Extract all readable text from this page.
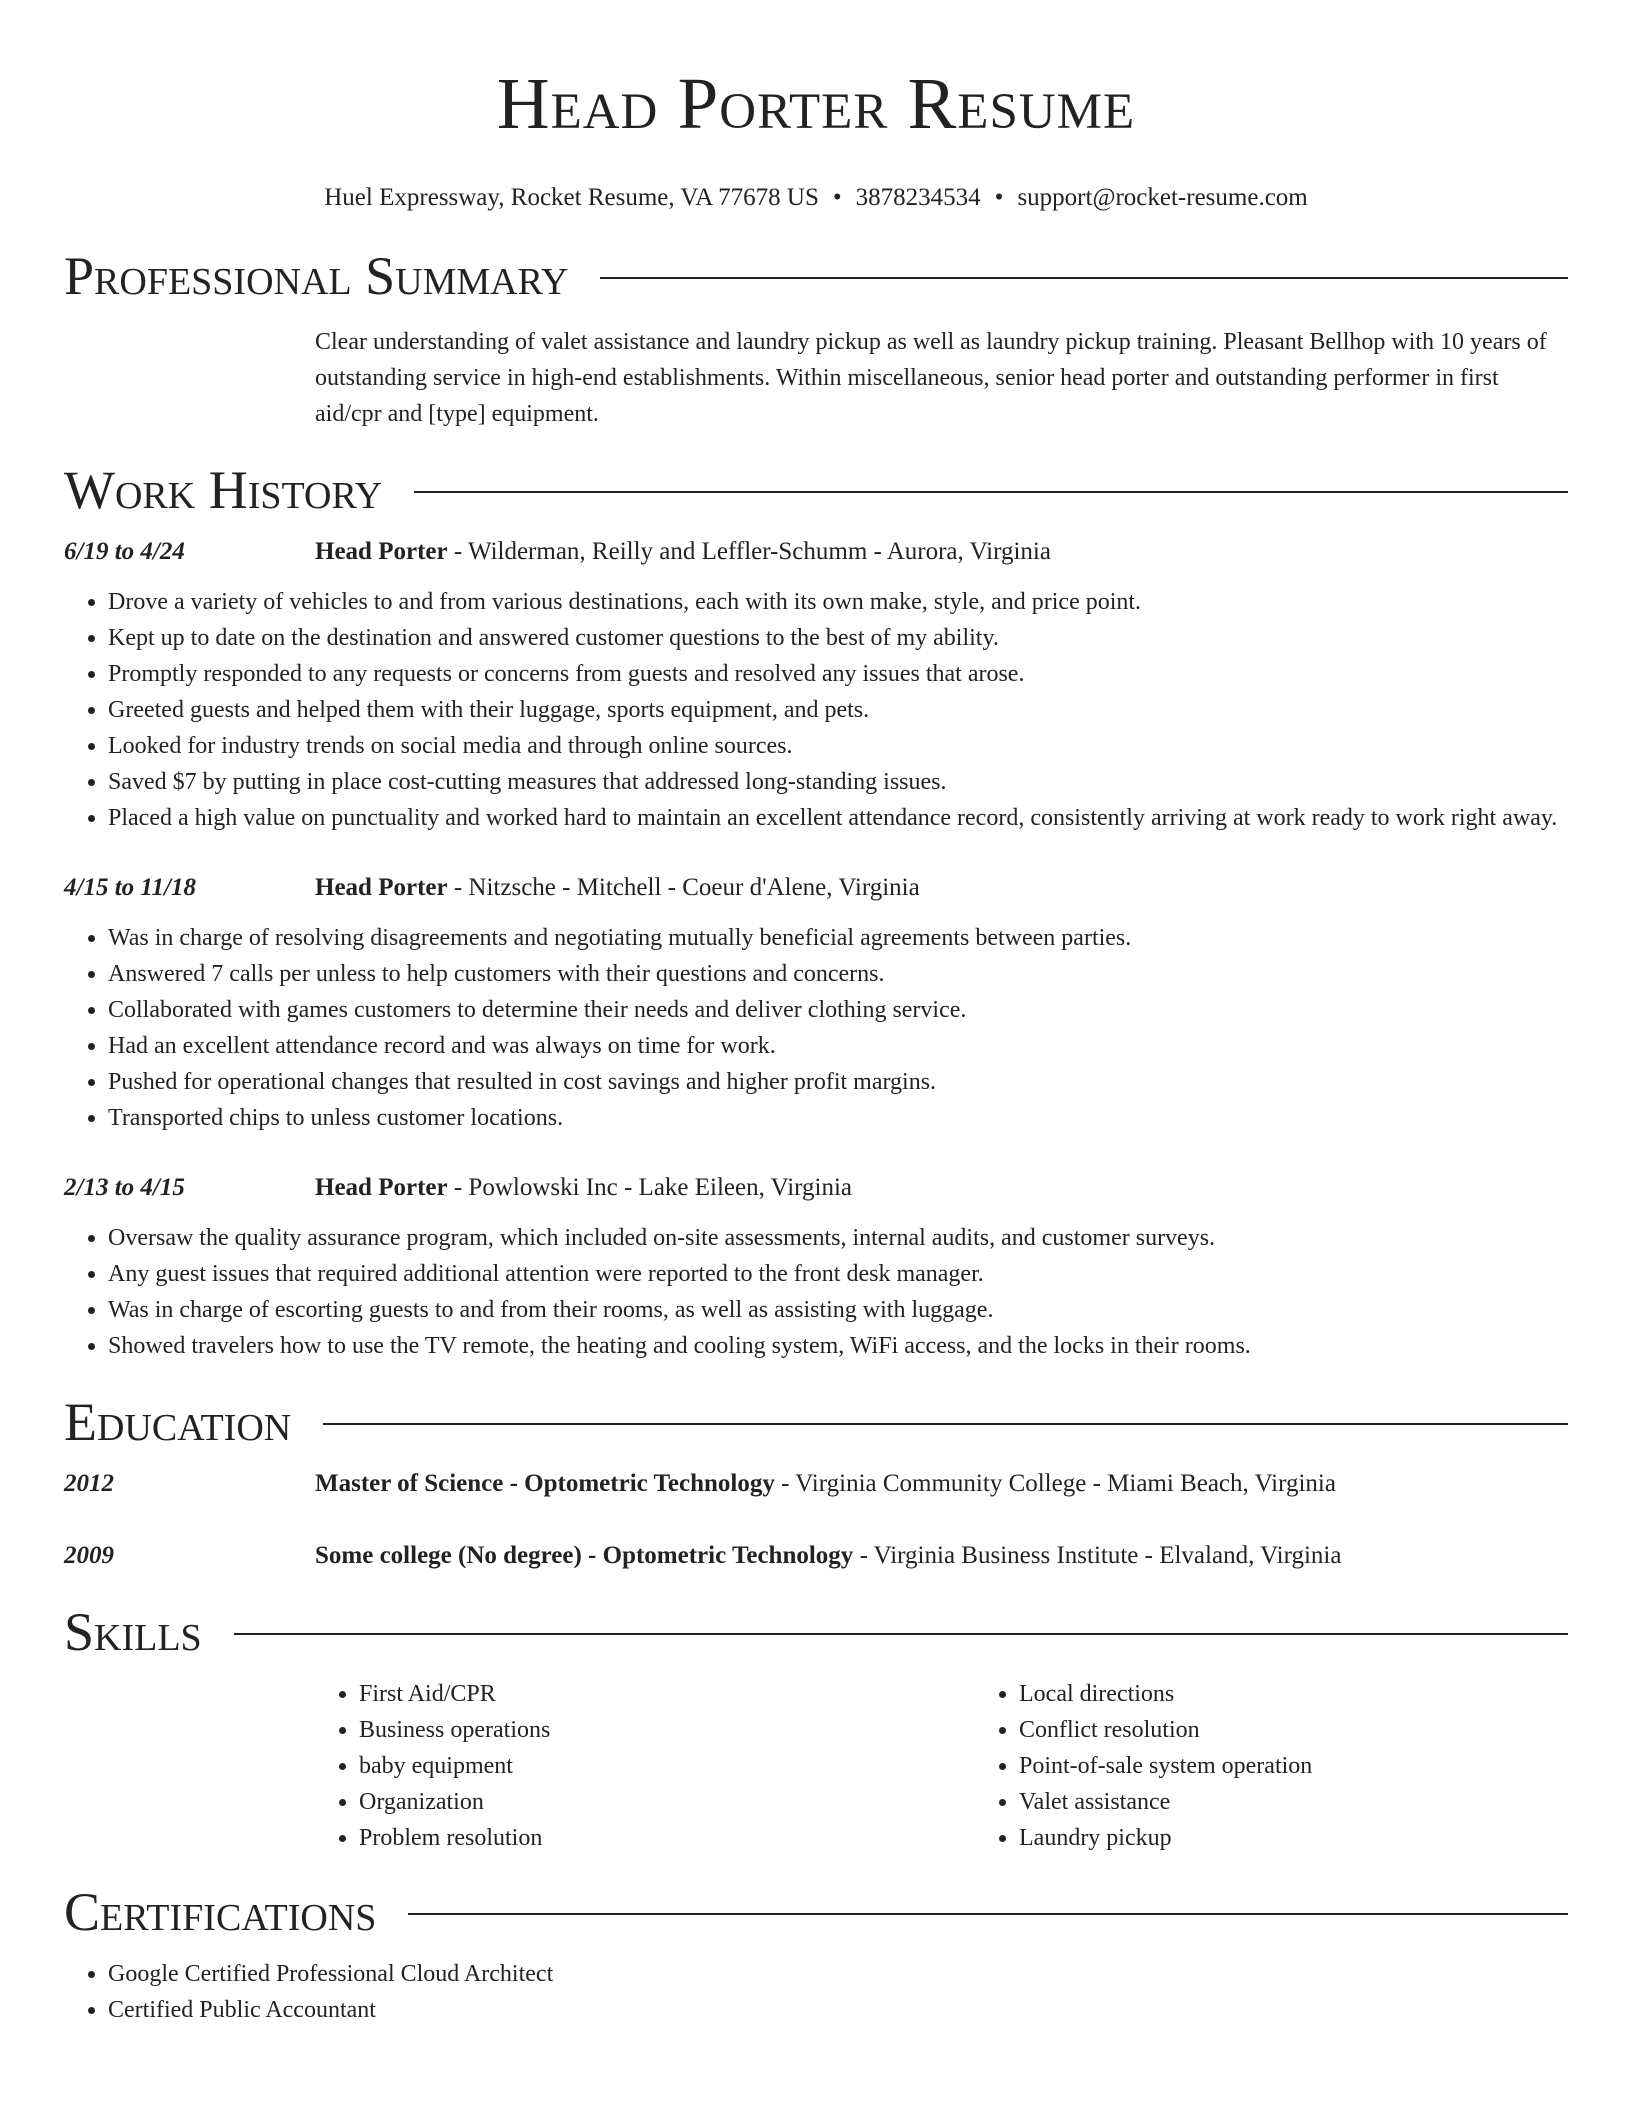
Head Porter Resume
Huel Expressway, Rocket Resume, VA 77678 US • 3878234534 • support@rocket-resume.com
Professional Summary
Clear understanding of valet assistance and laundry pickup as well as laundry pickup training. Pleasant Bellhop with 10 years of outstanding service in high-end establishments. Within miscellaneous, senior head porter and outstanding performer in first aid/cpr and [type] equipment.
Work History
6/19 to 4/24	Head Porter - Wilderman, Reilly and Leffler-Schumm - Aurora, Virginia
• Drove a variety of vehicles to and from various destinations, each with its own make, style, and price point.
• Kept up to date on the destination and answered customer questions to the best of my ability.
• Promptly responded to any requests or concerns from guests and resolved any issues that arose.
• Greeted guests and helped them with their luggage, sports equipment, and pets.
• Looked for industry trends on social media and through online sources.
• Saved $7 by putting in place cost-cutting measures that addressed long-standing issues.
• Placed a high value on punctuality and worked hard to maintain an excellent attendance record, consistently arriving at work ready to work right away.
4/15 to 11/18	Head Porter - Nitzsche - Mitchell - Coeur d'Alene, Virginia
• Was in charge of resolving disagreements and negotiating mutually beneficial agreements between parties.
• Answered 7 calls per unless to help customers with their questions and concerns.
• Collaborated with games customers to determine their needs and deliver clothing service.
• Had an excellent attendance record and was always on time for work.
• Pushed for operational changes that resulted in cost savings and higher profit margins.
• Transported chips to unless customer locations.
2/13 to 4/15	Head Porter - Powlowski Inc - Lake Eileen, Virginia
• Oversaw the quality assurance program, which included on-site assessments, internal audits, and customer surveys.
• Any guest issues that required additional attention were reported to the front desk manager.
• Was in charge of escorting guests to and from their rooms, as well as assisting with luggage.
• Showed travelers how to use the TV remote, the heating and cooling system, WiFi access, and the locks in their rooms.
Education
2012	Master of Science - Optometric Technology - Virginia Community College - Miami Beach, Virginia
2009	Some college (No degree) - Optometric Technology - Virginia Business Institute - Elvaland, Virginia
Skills
• First Aid/CPR
• Business operations
• baby equipment
• Organization
• Problem resolution
• Local directions
• Conflict resolution
• Point-of-sale system operation
• Valet assistance
• Laundry pickup
Certifications
• Google Certified Professional Cloud Architect
• Certified Public Accountant
